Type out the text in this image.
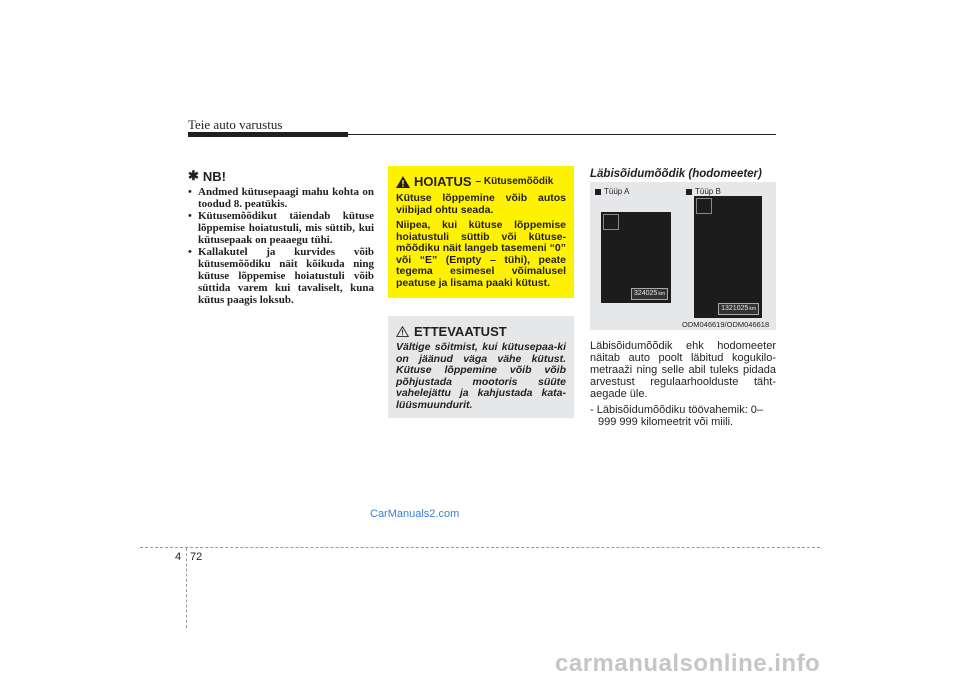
Teie auto varustus
✱ NB!
• Andmed kütusepaagi mahu kohta on toodud 8. peatükis.
• Kütusemõõdikut täiendab kütuse lõppemise hoiatustuli, mis süttib, kui kütusepaak on peaaegu tühi.
• Kallakutel ja kurvides võib kütusemõõdiku näit kõikuda ning kütuse lõppemise hoiatustuli võib süttida varem kui tavaliselt, kuna kütus paagis loksub.
HOIATUS – Kütusemõõdik

Kütuse lõppemine võib autos viibijad ohtu seada.

Niipea, kui kütuse lõppemise hoiatustuli süttib või kütuse-mõõdiku näit langeb tasemeni “0” või “E” (Empty – tühi), peate tegema esimesel võimalusel peatuse ja lisama paaki kütust.

ETTEVAATUST

Vältige sõitmist, kui kütusepaa-ki on jäänud väga vähe kütust. Kütuse lõppemine võib võib põhjustada mootoris süüte vahelejättu ja kahjustada kata-lüüsmuundurit.

Läbisõidumõõdik (hodomeeter)
Tüüp A	Tüüp B
324025km
1321025km
ODM046619/ODM046618

Läbisõidumõõdik ehk hodomeeter näitab auto poolt läbitud kogukilo-metraaži ning selle abil tuleks pidada arvestust regulaarhoolduste täht-aegade üle.

- Läbisõidumõõdiku töövahemik: 0–999 999 kilomeetrit või miili.

CarManuals2.com
4 72
carmanualsonline.info
